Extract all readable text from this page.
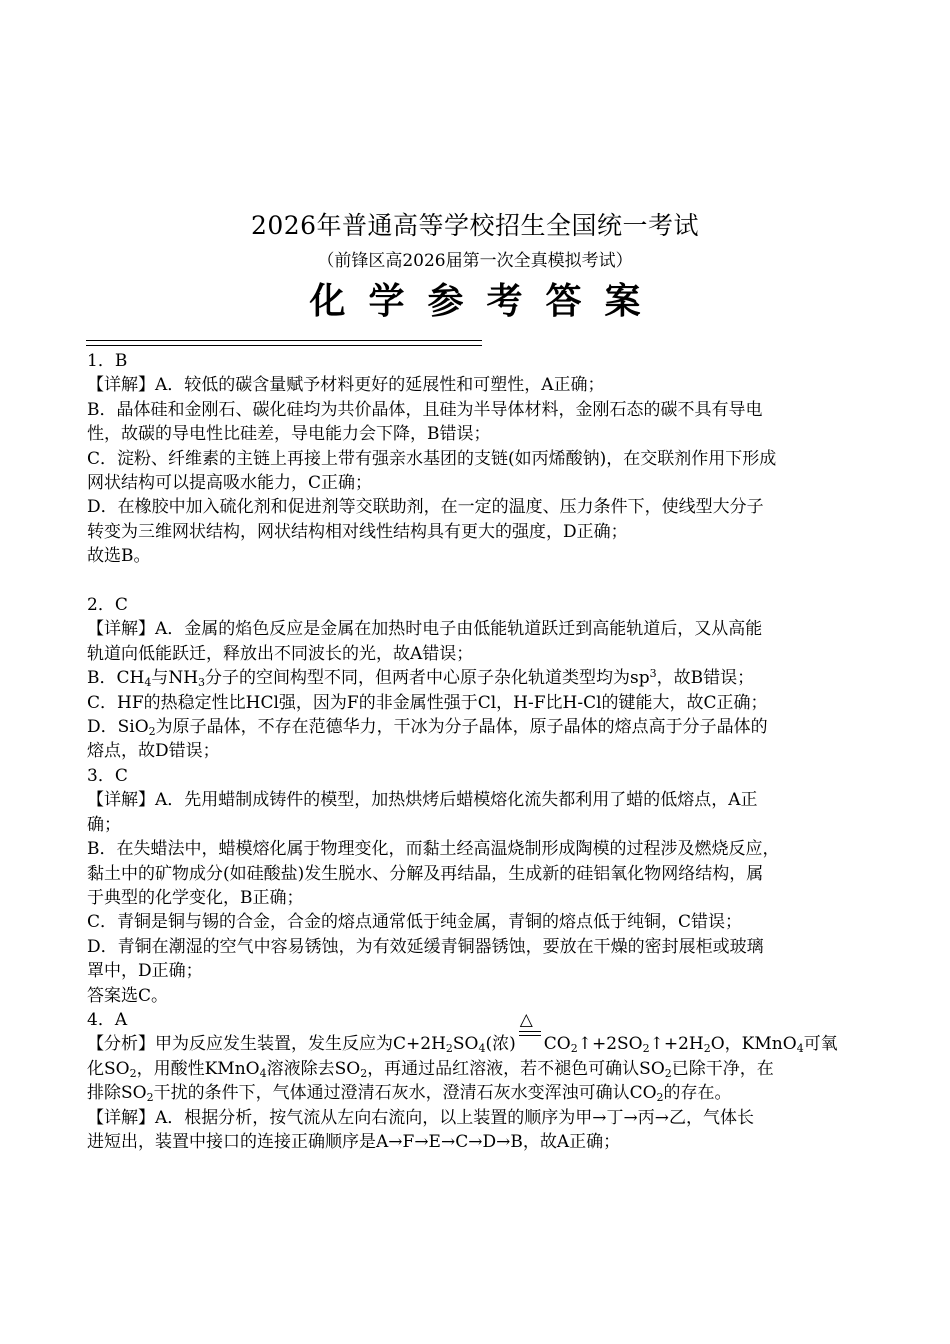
2026年普通高等学校招生全国统一考试
（前锋区高2026届第一次全真模拟考试）
化学参考答案

1．B

【详解】A．较低的碳含量赋予材料更好的延展性和可塑性，A正确；

B．晶体硅和金刚石、碳化硅均为共价晶体，且硅为半导体材料，金刚石态的碳不具有导电

性，故碳的导电性比硅差，导电能力会下降，B错误；

C．淀粉、纤维素的主链上再接上带有强亲水基团的支链(如丙烯酸钠)，在交联剂作用下形成

网状结构可以提高吸水能力，C正确；

D．在橡胶中加入硫化剂和促进剂等交联助剂，在一定的温度、压力条件下，使线型大分子

转变为三维网状结构，网状结构相对线性结构具有更大的强度，D正确；

故选B。

2．C

【详解】A．金属的焰色反应是金属在加热时电子由低能轨道跃迁到高能轨道后，又从高能

轨道向低能跃迁，释放出不同波长的光，故A错误；

B．$CH_4$与$NH_3$分子的空间构型不同，但两者中心原子杂化轨道类型均为$sp^3$，故B错误；

C．HF的热稳定性比HCl强，因为F的非金属性强于Cl，H-F比H-Cl的键能大，故C正确；

D．SiO$_2$为原子晶体，不存在范德华力，干冰为分子晶体，原子晶体的熔点高于分子晶体的

熔点，故D错误；

3．C

【详解】A．先用蜡制成铸件的模型，加热烘烤后蜡模熔化流失都利用了蜡的低熔点，A正

确；

B．在失蜡法中，蜡模熔化属于物理变化，而黏土经高温烧制形成陶模的过程涉及燃烧反应，

黏土中的矿物成分(如硅酸盐)发生脱水、分解及再结晶，生成新的硅铝氧化物网络结构，属

于典型的化学变化，B正确；

C．青铜是铜与锡的合金，合金的熔点通常低于纯金属，青铜的熔点低于纯铜，C错误；

D．青铜在潮湿的空气中容易锈蚀，为有效延缓青铜器锈蚀，要放在干燥的密封展柜或玻璃

罩中，D正确；

答案选C。

4．A

【分析】甲为反应发生装置，发生反应为$C+2H_2SO_4$(浓)
△
$CO_2↑+2SO_2↑+2H_2O$，KMnO$_4$可氧

化$SO_2$，用酸性KMnO$_4$溶液除去$SO_2$，再通过品红溶液，若不褪色可确认$SO_2$已除干净，在

排除$SO_2$干扰的条件下，气体通过澄清石灰水，澄清石灰水变浑浊可确认$CO_2$的存在。

【详解】A．根据分析，按气流从左向右流向，以上装置的顺序为甲→丁→丙→乙，气体长

进短出，装置中接口的连接正确顺序是A→F→E→C→D→B，故A正确；
